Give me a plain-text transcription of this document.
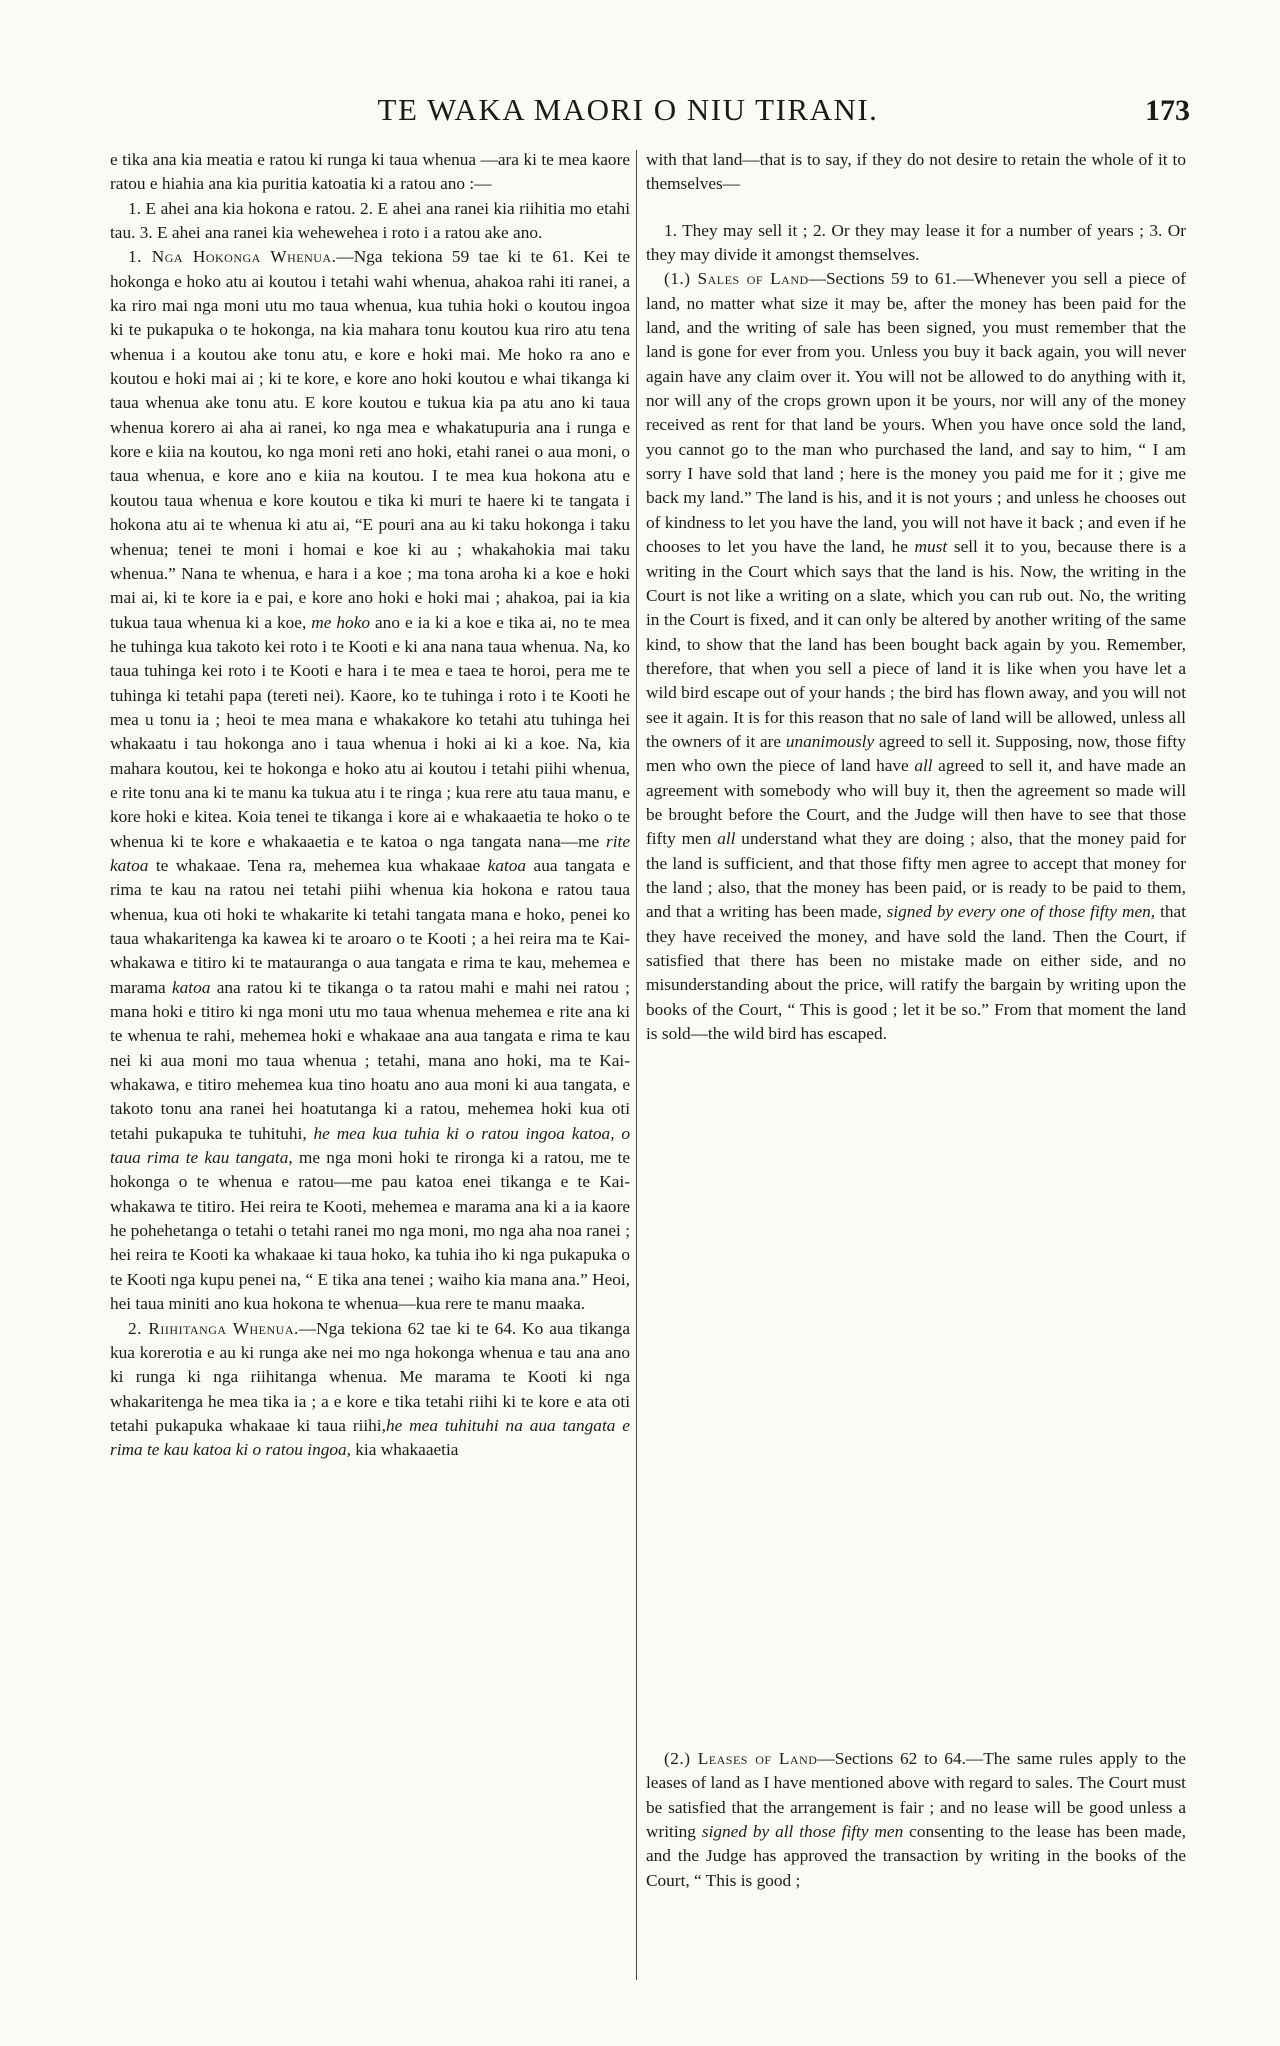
TE WAKA MAORI O NIU TIRANI.	173

e tika ana kia meatia e ratou ki runga ki taua whenua —ara ki te mea kaore ratou e hiahia ana kia puritia katoatia ki a ratou ano :—

1. E ahei ana kia hokona e ratou. 2. E ahei ana ranei kia riihitia mo etahi tau. 3. E ahei ana ranei kia wehewehea i roto i a ratou ake ano.

1. Nga Hokonga Whenua.—Nga tekiona 59 tae ki te 61. Kei te hokonga e hoko atu ai koutou i tetahi wahi whenua, ahakoa rahi iti ranei, a ka riro mai nga moni utu mo taua whenua, kua tuhia hoki o koutou ingoa ki te pukapuka o te hokonga, na kia mahara tonu koutou kua riro atu tena whenua i a koutou ake tonu atu, e kore e hoki mai. Me hoko ra ano e koutou e hoki mai ai ; ki te kore, e kore ano hoki koutou e whai tikanga ki taua whenua ake tonu atu. E kore koutou e tukua kia pa atu ano ki taua whenua korero ai aha ai ranei, ko nga mea e whakatupuria ana i runga e kore e kiia na koutou, ko nga moni reti ano hoki, etahi ranei o aua moni, o taua whenua, e kore ano e kiia na koutou. I te mea kua hokona atu e koutou taua whenua e kore koutou e tika ki muri te haere ki te tangata i hokona atu ai te whenua ki atu ai, “E pouri ana au ki taku hokonga i taku whenua; tenei te moni i homai e koe ki au ; whakahokia mai taku whenua.” Nana te whenua, e hara i a koe ; ma tona aroha ki a koe e hoki mai ai, ki te kore ia e pai, e kore ano hoki e hoki mai ; ahakoa, pai ia kia tukua taua whenua ki a koe, me hoko ano e ia ki a koe e tika ai, no te mea he tuhinga kua takoto kei roto i te Kooti e ki ana nana taua whenua. Na, ko taua tuhinga kei roto i te Kooti e hara i te mea e taea te horoi, pera me te tuhinga ki tetahi papa (tereti nei). Kaore, ko te tuhinga i roto i te Kooti he mea u tonu ia ; heoi te mea mana e whakakore ko tetahi atu tuhinga hei whakaatu i tau hokonga ano i taua whenua i hoki ai ki a koe. Na, kia mahara koutou, kei te hokonga e hoko atu ai koutou i tetahi piihi whenua, e rite tonu ana ki te manu ka tukua atu i te ringa ; kua rere atu taua manu, e kore hoki e kitea. Koia tenei te tikanga i kore ai e whakaaetia te hoko o te whenua ki te kore e whakaaetia e te katoa o nga tangata nana—me rite katoa te whakaae. Tena ra, mehemea kua whakaae katoa aua tangata e rima te kau na ratou nei tetahi piihi whenua kia hokona e ratou taua whenua, kua oti hoki te whakarite ki tetahi tangata mana e hoko, penei ko taua whakaritenga ka kawea ki te aroaro o te Kooti ; a hei reira ma te Kai-whakawa e titiro ki te matauranga o aua tangata e rima te kau, mehemea e marama katoa ana ratou ki te tikanga o ta ratou mahi e mahi nei ratou ; mana hoki e titiro ki nga moni utu mo taua whenua mehemea e rite ana ki te whenua te rahi, mehemea hoki e whakaae ana aua tangata e rima te kau nei ki aua moni mo taua whenua ; tetahi, mana ano hoki, ma te Kai-whakawa, e titiro mehemea kua tino hoatu ano aua moni ki aua tangata, e takoto tonu ana ranei hei hoatutanga ki a ratou, mehemea hoki kua oti tetahi pukapuka te tuhituhi, he mea kua tuhia ki o ratou ingoa katoa, o taua rima te kau tangata, me nga moni hoki te rironga ki a ratou, me te hokonga o te whenua e ratou—me pau katoa enei tikanga e te Kai-whakawa te titiro. Hei reira te Kooti, mehemea e marama ana ki a ia kaore he pohehetanga o tetahi o tetahi ranei mo nga moni, mo nga aha noa ranei ; hei reira te Kooti ka whakaae ki taua hoko, ka tuhia iho ki nga pukapuka o te Kooti nga kupu penei na, “ E tika ana tenei ; waiho kia mana ana.” Heoi, hei taua miniti ano kua hokona te whenua—kua rere te manu maaka.

2. Riihitanga Whenua.—Nga tekiona 62 tae ki te 64. Ko aua tikanga kua korerotia e au ki runga ake nei mo nga hokonga whenua e tau ana ano ki runga ki nga riihitanga whenua. Me marama te Kooti ki nga whakaritenga he mea tika ia ; a e kore e tika tetahi riihi ki te kore e ata oti tetahi pukapuka whakaae ki taua riihi,he mea tuhituhi na aua tangata e rima te kau katoa ki o ratou ingoa, kia whakaaetia

with that land—that is to say, if they do not desire to retain the whole of it to themselves—

1. They may sell it ; 2. Or they may lease it for a number of years ; 3. Or they may divide it amongst themselves.

(1.) Sales of Land—Sections 59 to 61.—Whenever you sell a piece of land, no matter what size it may be, after the money has been paid for the land, and the writing of sale has been signed, you must remember that the land is gone for ever from you. Unless you buy it back again, you will never again have any claim over it. You will not be allowed to do anything with it, nor will any of the crops grown upon it be yours, nor will any of the money received as rent for that land be yours. When you have once sold the land, you cannot go to the man who purchased the land, and say to him, “ I am sorry I have sold that land ; here is the money you paid me for it ; give me back my land.” The land is his, and it is not yours ; and unless he chooses out of kindness to let you have the land, you will not have it back ; and even if he chooses to let you have the land, he must sell it to you, because there is a writing in the Court which says that the land is his. Now, the writing in the Court is not like a writing on a slate, which you can rub out. No, the writing in the Court is fixed, and it can only be altered by another writing of the same kind, to show that the land has been bought back again by you. Remember, therefore, that when you sell a piece of land it is like when you have let a wild bird escape out of your hands ; the bird has flown away, and you will not see it again. It is for this reason that no sale of land will be allowed, unless all the owners of it are unanimously agreed to sell it. Supposing, now, those fifty men who own the piece of land have all agreed to sell it, and have made an agreement with somebody who will buy it, then the agreement so made will be brought before the Court, and the Judge will then have to see that those fifty men all understand what they are doing ; also, that the money paid for the land is sufficient, and that those fifty men agree to accept that money for the land ; also, that the money has been paid, or is ready to be paid to them, and that a writing has been made, signed by every one of those fifty men, that they have received the money, and have sold the land. Then the Court, if satisfied that there has been no mistake made on either side, and no misunderstanding about the price, will ratify the bargain by writing upon the books of the Court, “ This is good ; let it be so.” From that moment the land is sold—the wild bird has escaped.

(2.) Leases of Land—Sections 62 to 64.—The same rules apply to the leases of land as I have mentioned above with regard to sales. The Court must be satisfied that the arrangement is fair ; and no lease will be good unless a writing signed by all those fifty men consenting to the lease has been made, and the Judge has approved the transaction by writing in the books of the Court, “ This is good ;
